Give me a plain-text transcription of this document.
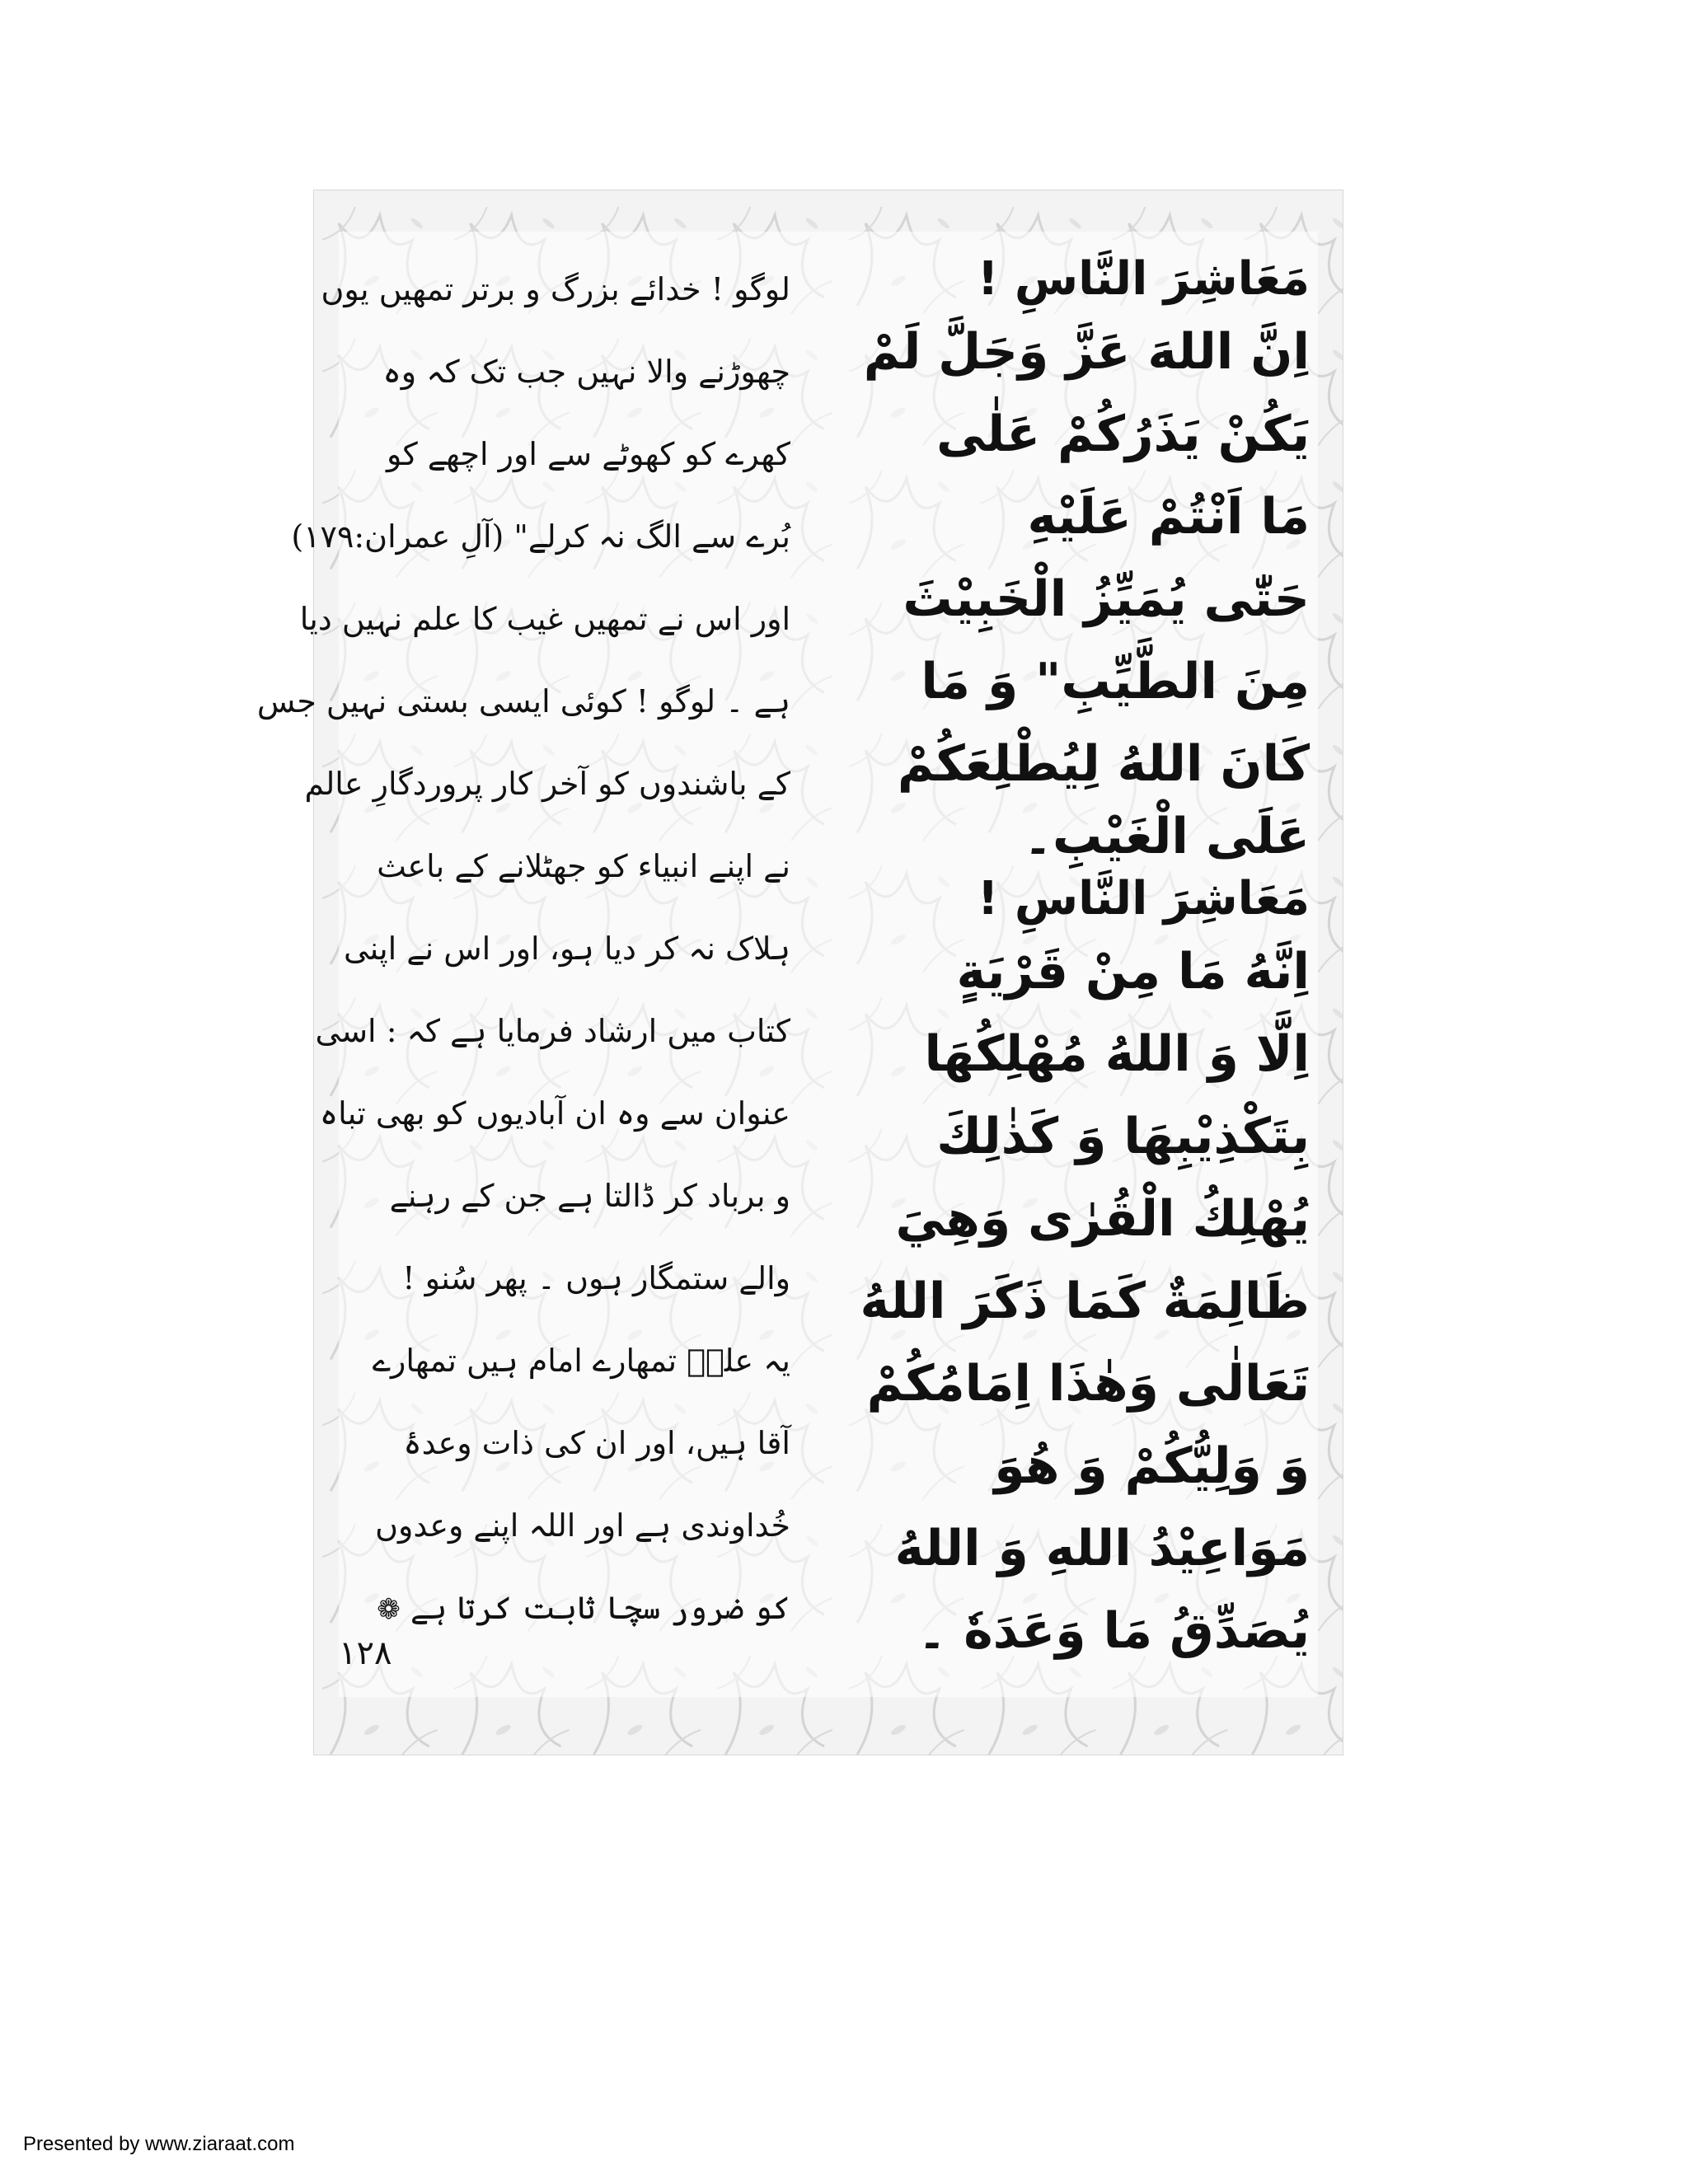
مَعَاشِرَ النَّاسِ !
اِنَّ اللهَ عَزَّ وَجَلَّ لَمْ
يَكُنْ يَذَرُكُمْ عَلٰى
مَا اَنْتُمْ عَلَيْهِ
حَتّٰى يُمَيِّزُ الْخَبِيْثَ
مِنَ الطَّيِّبِ" وَ مَا
كَانَ اللهُ لِيُطْلِعَكُمْ
عَلَى الْغَيْبِ۔
مَعَاشِرَ النَّاسِ !
اِنَّهُ مَا مِنْ قَرْيَةٍ
اِلَّا وَ اللهُ مُهْلِكُهَا
بِتَكْذِيْبِهَا وَ كَذٰلِكَ
يُهْلِكُ الْقُرٰى وَهِيَ
ظَالِمَةٌ كَمَا ذَكَرَ اللهُ
تَعَالٰى وَهٰذَا اِمَامُكُمْ
وَ وَلِيُّكُمْ وَ هُوَ
مَوَاعِيْدُ اللهِ وَ اللهُ
يُصَدِّقُ مَا وَعَدَهٗ ۔
لوگو ! خدائے بزرگ و برتر تمھیں یوں
چھوڑنے والا نہیں جب تک کہ وہ
کھرے کو کھوٹے سے اور اچھے کو
بُرے سے الگ نہ کرلے" (آلِ عمران:۱۷۹)
اور اس نے تمھیں غیب کا علم نہیں دیا
ہے ۔ لوگو ! کوئی ایسی بستی نہیں جس
کے باشندوں کو آخر کار پروردگارِ عالم
نے اپنے انبیاء کو جھٹلانے کے باعث
ہلاک نہ کر دیا ہو، اور اس نے اپنی
کتاب میں ارشاد فرمایا ہے کہ : اسی
عنوان سے وہ ان آبادیوں کو بھی تباہ
و برباد کر ڈالتا ہے جن کے رہنے
والے ستمگار ہوں ۔ پھر سُنو !
یہ علیؑ تمھارے امام ہیں تمھارے
آقا ہیں، اور ان کی ذات وعدۂ
خُداوندی ہے اور اللہ اپنے وعدوں
کو ضرور سچا ثابت کرتا ہے ❁
۱۲۸
Presented by www.ziaraat.com
